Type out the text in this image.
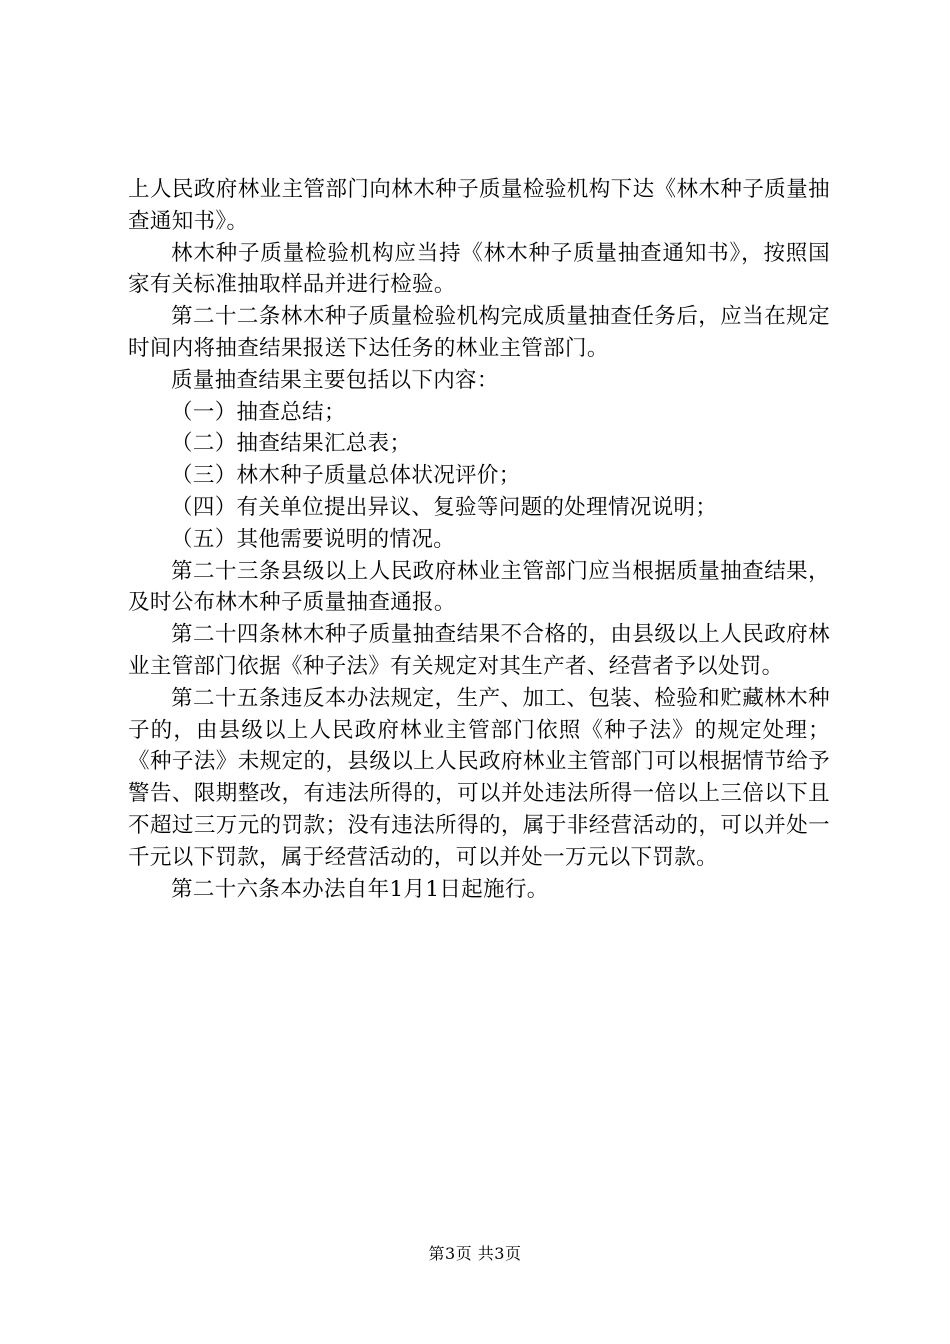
上人民政府林业主管部门向林木种子质量检验机构下达《林木种子质量抽查通知书》。

林木种子质量检验机构应当持《林木种子质量抽查通知书》，按照国家有关标准抽取样品并进行检验。

第二十二条林木种子质量检验机构完成质量抽查任务后，应当在规定时间内将抽查结果报送下达任务的林业主管部门。

质量抽查结果主要包括以下内容：

（一）抽查总结；

（二）抽查结果汇总表；

（三）林木种子质量总体状况评价；

（四）有关单位提出异议、复验等问题的处理情况说明；

（五）其他需要说明的情况。

第二十三条县级以上人民政府林业主管部门应当根据质量抽查结果，及时公布林木种子质量抽查通报。

第二十四条林木种子质量抽查结果不合格的，由县级以上人民政府林业主管部门依据《种子法》有关规定对其生产者、经营者予以处罚。

第二十五条违反本办法规定，生产、加工、包装、检验和贮藏林木种子的，由县级以上人民政府林业主管部门依照《种子法》的规定处理；《种子法》未规定的，县级以上人民政府林业主管部门可以根据情节给予警告、限期整改，有违法所得的，可以并处违法所得一倍以上三倍以下且不超过三万元的罚款；没有违法所得的，属于非经营活动的，可以并处一千元以下罚款，属于经营活动的，可以并处一万元以下罚款。

第二十六条本办法自年1月1日起施行。

第3页 共3页
